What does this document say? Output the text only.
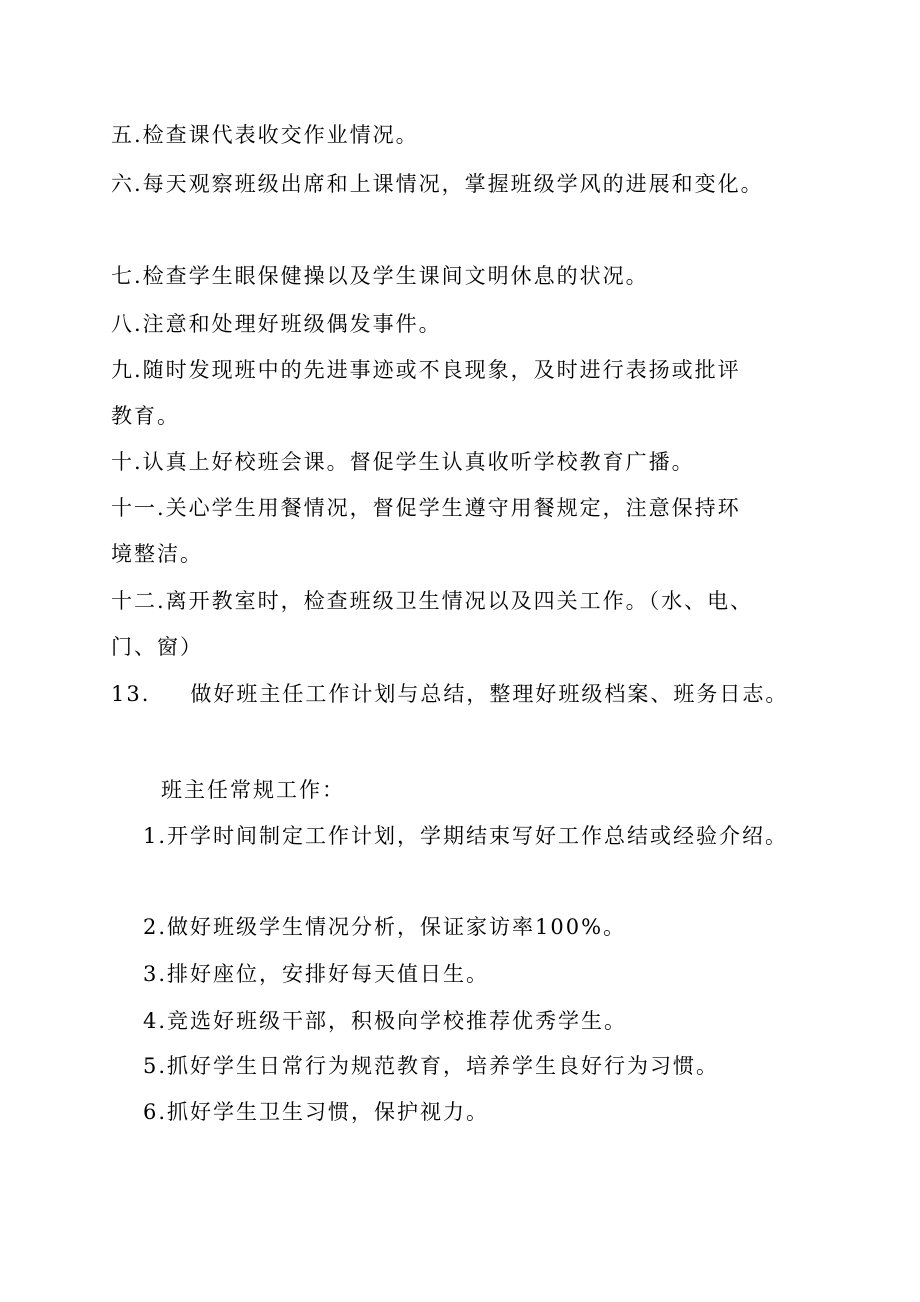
五.检查课代表收交作业情况。
六.每天观察班级出席和上课情况，掌握班级学风的进展和变化。
七.检查学生眼保健操以及学生课间文明休息的状况。
八.注意和处理好班级偶发事件。
九.随时发现班中的先进事迹或不良现象，及时进行表扬或批评
教育。
十.认真上好校班会课。督促学生认真收听学校教育广播。
十一.关心学生用餐情况，督促学生遵守用餐规定，注意保持环
境整洁。
十二.离开教室时，检查班级卫生情况以及四关工作。（水、电、
门、窗）
13. 做好班主任工作计划与总结，整理好班级档案、班务日志。
班主任常规工作：
1.开学时间制定工作计划，学期结束写好工作总结或经验介绍。
2.做好班级学生情况分析，保证家访率100%。
3.排好座位，安排好每天值日生。
4.竞选好班级干部，积极向学校推荐优秀学生。
5.抓好学生日常行为规范教育，培养学生良好行为习惯。
6.抓好学生卫生习惯，保护视力。
